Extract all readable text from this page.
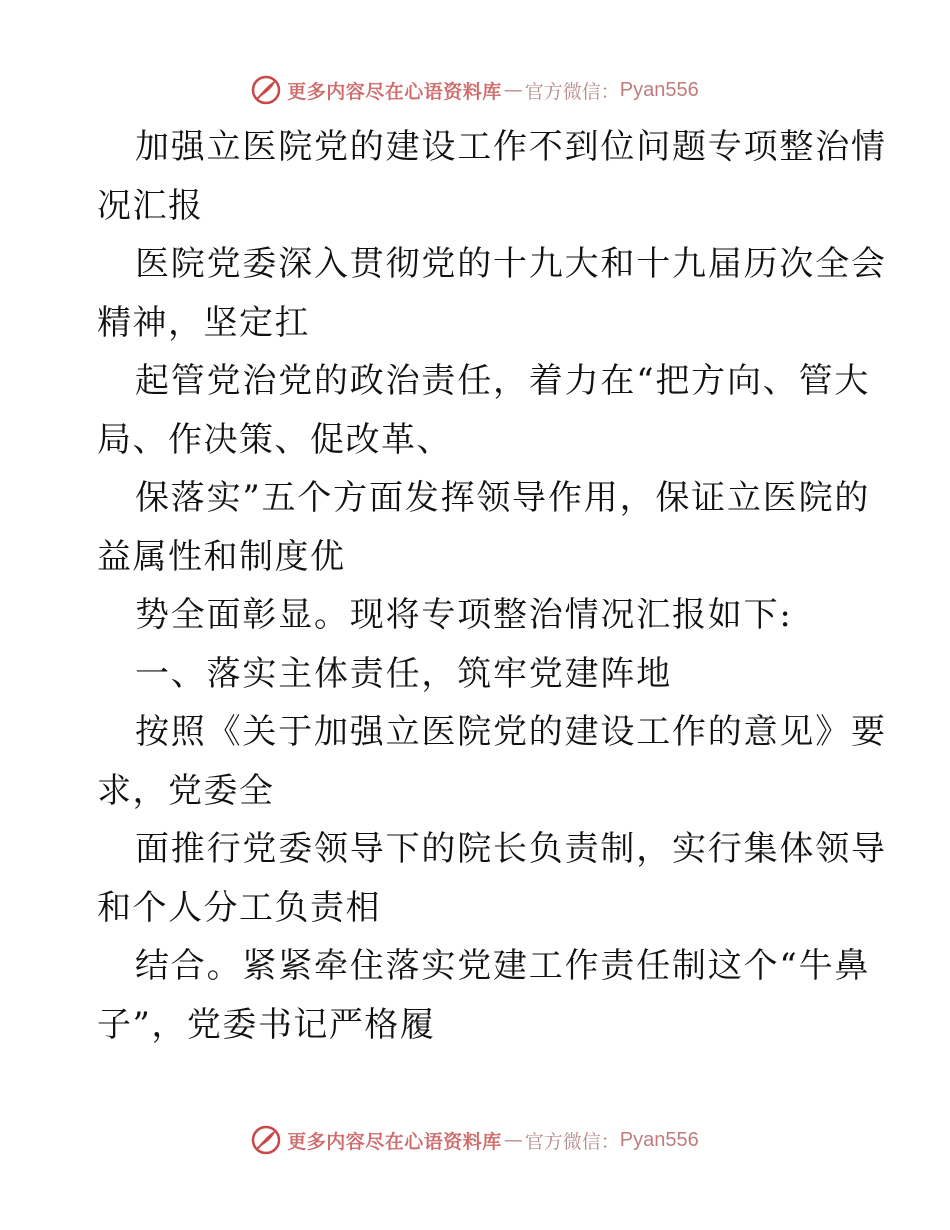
更多内容尽在心语资料库 — 官方微信： Pyan556
加强立医院党的建设工作不到位问题专项整治情
况汇报
医院党委深入贯彻党的十九大和十九届历次全会
精神，坚定扛
起管党治党的政治责任，着力在“把方向、管大
局、作决策、促改革、
保落实”五个方面发挥领导作用，保证立医院的
益属性和制度优
势全面彰显。现将专项整治情况汇报如下:
一、落实主体责任，筑牢党建阵地
按照《关于加强立医院党的建设工作的意见》要
求，党委全
面推行党委领导下的院长负责制，实行集体领导
和个人分工负责相
结合。紧紧牵住落实党建工作责任制这个“牛鼻
子”，党委书记严格履
更多内容尽在心语资料库 — 官方微信： Pyan556
